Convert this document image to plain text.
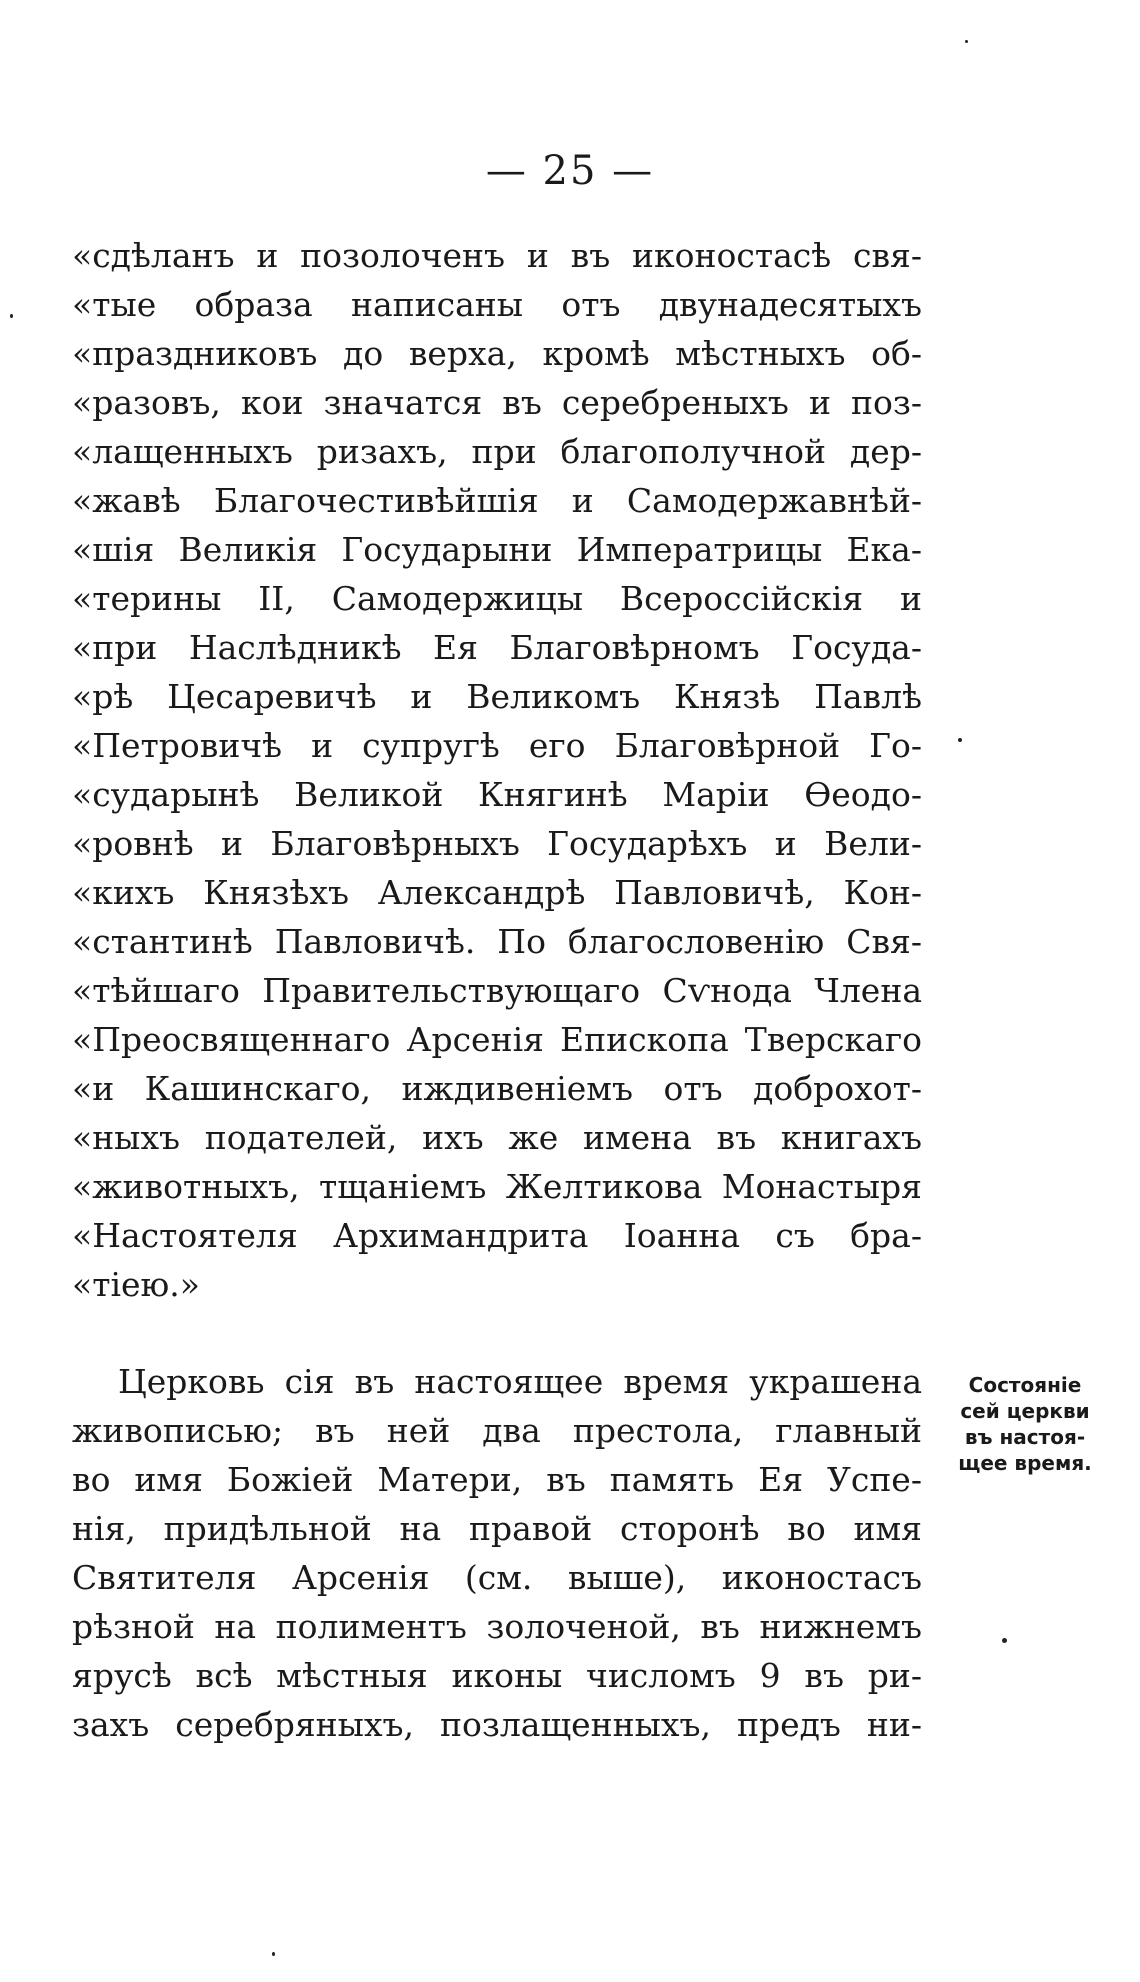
— 25 —
«сдѣланъ и позолоченъ и въ иконостасѣ свя-
«тые образа написаны отъ двунадесятыхъ
«праздниковъ до верха, кромѣ мѣстныхъ об-
«разовъ, кои значатся въ серебреныхъ и поз-
«лащенныхъ ризахъ, при благополучной дер-
«жавѣ Благочестивѣйшія и Самодержавнѣй-
«шія Великія Государыни Императрицы Ека-
«терины II, Самодержицы Всероссійскія и
«при Наслѣдникѣ Ея Благовѣрномъ Госуда-
«рѣ Цесаревичѣ и Великомъ Князѣ Павлѣ
«Петровичѣ и супругѣ его Благовѣрной Го-
«сударынѣ Великой Княгинѣ Маріи Ѳеодо-
«ровнѣ и Благовѣрныхъ Государѣхъ и Вели-
«кихъ Князѣхъ Александрѣ Павловичѣ, Кон-
«стантинѣ Павловичѣ. По благословенію Свя-
«тѣйшаго Правительствующаго Сѵнода Члена
«Преосвященнаго Арсенія Епископа Тверскаго
«и Кашинскаго, иждивеніемъ отъ доброхот-
«ныхъ подателей, ихъ же имена въ книгахъ
«животныхъ, тщаніемъ Желтикова Монастыря
«Настоятеля Архимандрита Іоанна съ бра-
«тіею.»
Церковь сія въ настоящее время украшена
живописью; въ ней два престола, главный
во имя Божіей Матери, въ память Ея Успе-
нія, придѣльной на правой сторонѣ во имя
Святителя Арсенія (см. выше), иконостасъ
рѣзной на полиментъ золоченой, въ нижнемъ
ярусѣ всѣ мѣстныя иконы числомъ 9 въ ри-
захъ серебряныхъ, позлащенныхъ, предъ ни-
Состояніе
сей церкви
въ настоя-
щее время.
